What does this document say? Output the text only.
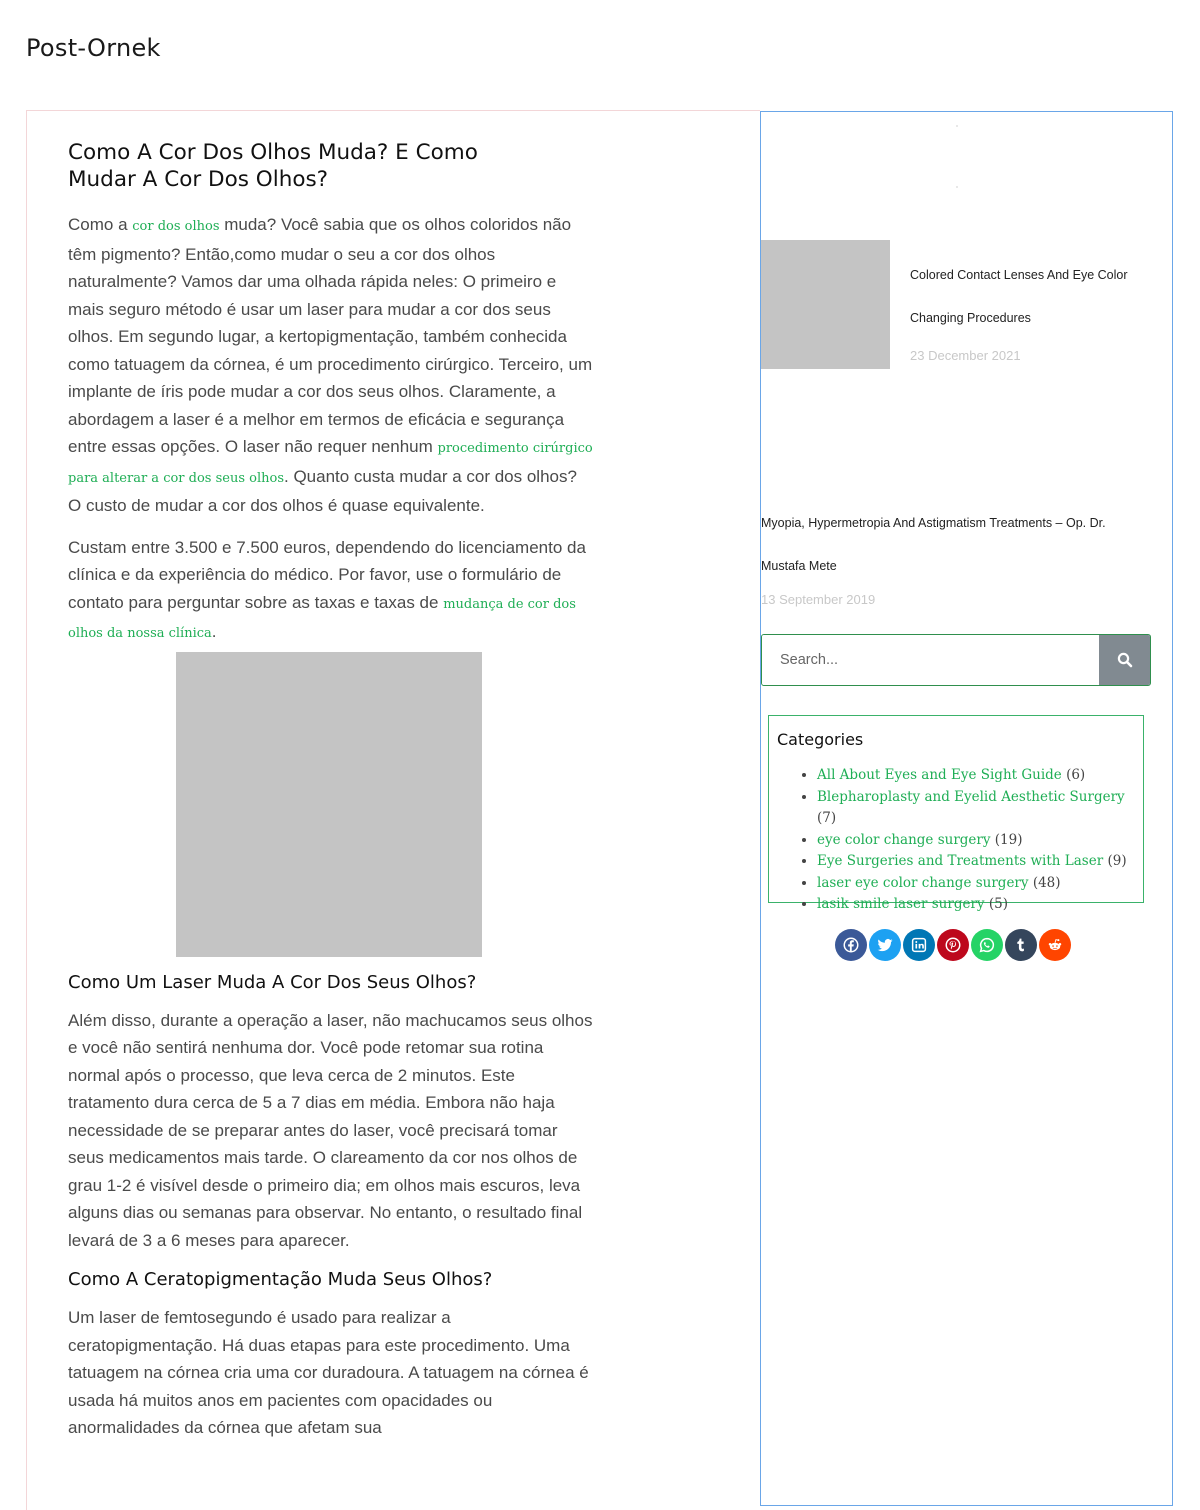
Post-Ornek
Como A Cor Dos Olhos Muda? E Como Mudar A Cor Dos Olhos?

Como a cor dos olhos muda? Você sabia que os olhos coloridos não têm pigmento? Então,como mudar o seu a cor dos olhos naturalmente? Vamos dar uma olhada rápida neles: O primeiro e mais seguro método é usar um laser para mudar a cor dos seus olhos. Em segundo lugar, a kertopigmentação, também conhecida como tatuagem da córnea, é um procedimento cirúrgico. Terceiro, um implante de íris pode mudar a cor dos seus olhos. Claramente, a abordagem a laser é a melhor em termos de eficácia e segurança entre essas opções. O laser não requer nenhum procedimento cirúrgico para alterar a cor dos seus olhos. Quanto custa mudar a cor dos olhos? O custo de mudar a cor dos olhos é quase equivalente.

Custam entre 3.500 e 7.500 euros, dependendo do licenciamento da clínica e da experiência do médico. Por favor, use o formulário de contato para perguntar sobre as taxas e taxas de mudança de cor dos olhos da nossa clínica.

Como Um Laser Muda A Cor Dos Seus Olhos?

Além disso, durante a operação a laser, não machucamos seus olhos e você não sentirá nenhuma dor. Você pode retomar sua rotina normal após o processo, que leva cerca de 2 minutos. Este tratamento dura cerca de 5 a 7 dias em média. Embora não haja necessidade de se preparar antes do laser, você precisará tomar seus medicamentos mais tarde. O clareamento da cor nos olhos de grau 1-2 é visível desde o primeiro dia; em olhos mais escuros, leva alguns dias ou semanas para observar. No entanto, o resultado final levará de 3 a 6 meses para aparecer.

Como A Ceratopigmentação Muda Seus Olhos?

Um laser de femtosegundo é usado para realizar a ceratopigmentação. Há duas etapas para este procedimento. Uma tatuagem na córnea cria uma cor duradoura. A tatuagem na córnea é usada há muitos anos em pacientes com opacidades ou anormalidades da córnea que afetam sua

Colored Contact Lenses And Eye Color Changing Procedures
23 December 2021
Myopia, Hypermetropia And Astigmatism Treatments – Op. Dr. Mustafa Mete
13 September 2019
Search...
Categories
• All About Eyes and Eye Sight Guide (6)
• Blepharoplasty and Eyelid Aesthetic Surgery (7)
• eye color change surgery (19)
• Eye Surgeries and Treatments with Laser (9)
• laser eye color change surgery (48)
• lasik smile laser surgery (5)
